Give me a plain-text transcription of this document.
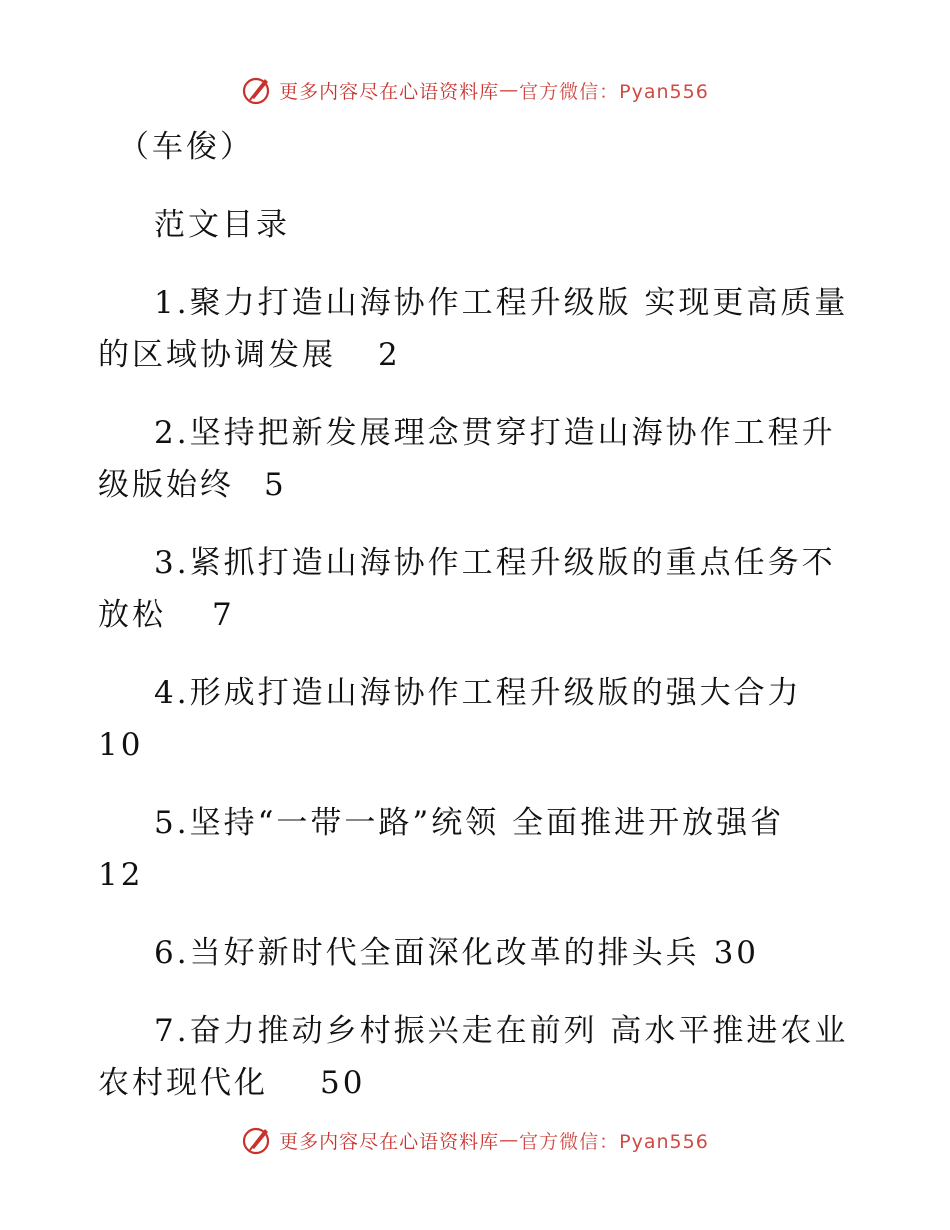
更多内容尽在心语资料库 — 官方微信：Pyan556

（车俊）

范文目录

1.聚力打造山海协作工程升级版 实现更高质量

的区域协调发展 2

2.坚持把新发展理念贯穿打造山海协作工程升

级版始终 5

3.紧抓打造山海协作工程升级版的重点任务不

放松 7

4.形成打造山海协作工程升级版的强大合力

10

5.坚持“一带一路”统领 全面推进开放强省

12

6.当好新时代全面深化改革的排头兵 30

7.奋力推动乡村振兴走在前列 高水平推进农业

农村现代化 50

更多内容尽在心语资料库 — 官方微信：Pyan556
